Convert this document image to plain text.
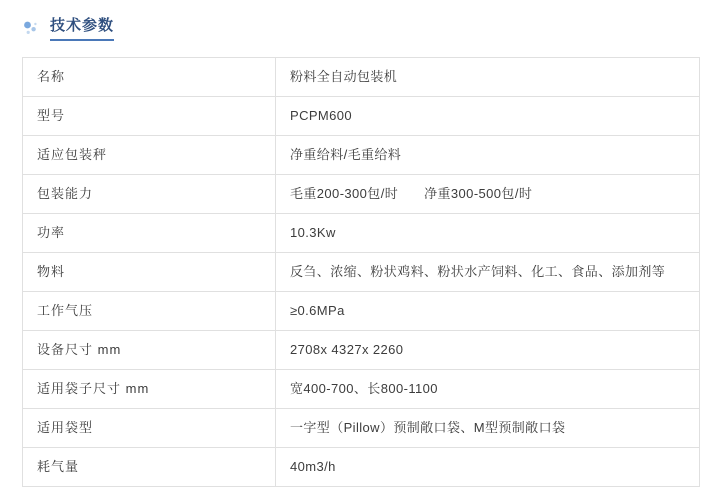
技术参数
名称	粉料全自动包装机
型号	PCPM600
适应包装秤	净重给料/毛重给料
包装能力	毛重200-300包/时 净重300-500包/时
功率	10.3Kw
物料	反刍、浓缩、粉状鸡料、粉状水产饲料、化工、食品、添加剂等
工作气压	≥0.6MPa
设备尺寸 mm	2708x 4327x 2260
适用袋子尺寸 mm	宽400-700、长800-1100
适用袋型	一字型（Pillow）预制敞口袋、M型预制敞口袋
耗气量	40m3/h
